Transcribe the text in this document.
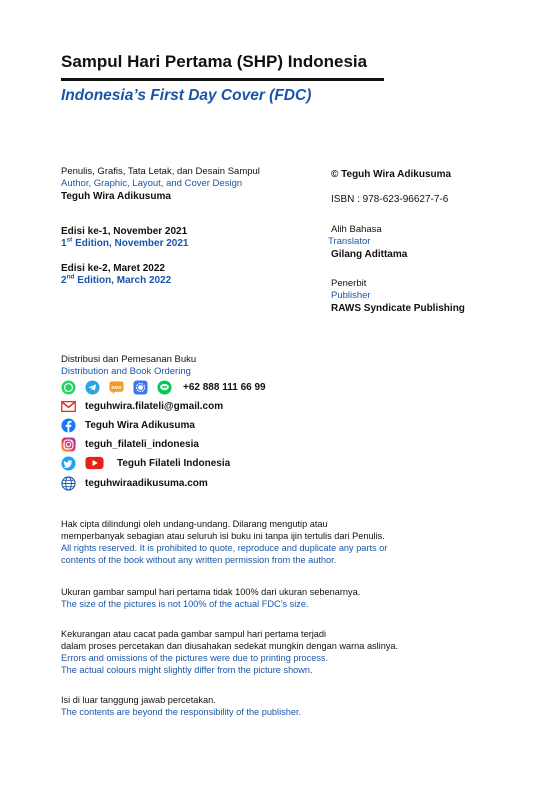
Sampul Hari Pertama (SHP) Indonesia
Indonesia’s First Day Cover (FDC)
Penulis, Grafis, Tata Letak, dan Desain Sampul
Author, Graphic, Layout, and Cover Design
Teguh Wira Adikusuma
© Teguh Wira Adikusuma
ISBN : 978-623-96627-7-6
Edisi ke-1, November 2021
1st Edition, November 2021
Edisi ke-2, Maret 2022
2nd Edition, March 2022
Alih Bahasa
Translator
Gilang Adittama
Penerbit
Publisher
RAWS Syndicate Publishing
Distribusi dan Pemesanan Buku
Distribution and Book Ordering
SMS	+62 888 111 66 99
teguhwira.filateli@gmail.com
Teguh Wira Adikusuma
teguh_filateli_indonesia
Teguh Filateli Indonesia
teguhwiraadikusuma.com
Hak cipta dilindungi oleh undang-undang. Dilarang mengutip atau
memperbanyak sebagian atau seluruh isi buku ini tanpa ijin tertulis dari Penulis.
All rights reserved. It is prohibited to quote, reproduce and duplicate any parts or
contents of the book without any written permission from the author.
Ukuran gambar sampul hari pertama tidak 100% dari ukuran sebenarnya.
The size of the pictures is not 100% of the actual FDC’s size.
Kekurangan atau cacat pada gambar sampul hari pertama terjadi
dalam proses percetakan dan diusahakan sedekat mungkin dengan warna aslinya.
Errors and omissions of the pictures were due to printing process.
The actual colours might slightly differ from the picture shown.
Isi di luar tanggung jawab percetakan.
The contents are beyond the responsibility of the publisher.
